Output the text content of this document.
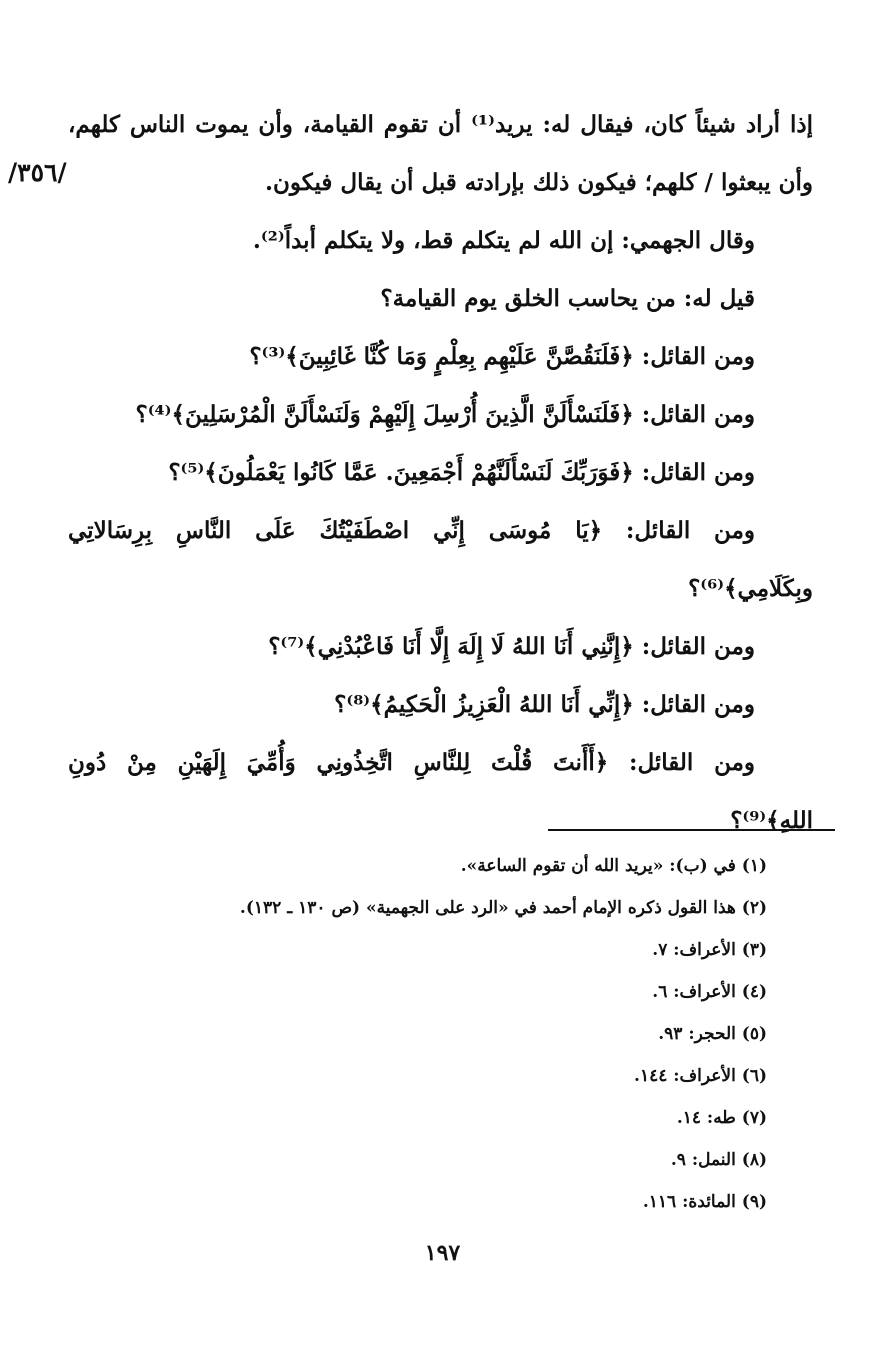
/٣٥٦/
إذا أراد شيئاً كان، فيقال له: يريد⁽¹⁾ أن تقوم القيامة، وأن يموت الناس كلهم،
وأن يبعثوا / كلهم؛ فيكون ذلك بإرادته قبل أن يقال فيكون.
وقال الجهمي: إن الله لم يتكلم قط، ولا يتكلم أبداً⁽²⁾.
قيل له: من يحاسب الخلق يوم القيامة؟
ومن القائل: ﴿فَلَنَقُصَّنَّ عَلَيْهِم بِعِلْمٍ وَمَا كُنَّا غَائِبِينَ﴾⁽³⁾؟
ومن القائل: ﴿فَلَنَسْأَلَنَّ الَّذِينَ أُرْسِلَ إِلَيْهِمْ وَلَنَسْأَلَنَّ الْمُرْسَلِينَ﴾⁽⁴⁾؟
ومن القائل: ﴿فَوَرَبِّكَ لَنَسْأَلَنَّهُمْ أَجْمَعِينَ. عَمَّا كَانُوا يَعْمَلُونَ﴾⁽⁵⁾؟
ومن القائل: ﴿يَا مُوسَى إِنِّي اصْطَفَيْتُكَ عَلَى النَّاسِ بِرِسَالاتِي
وبِكَلَامِي﴾⁽⁶⁾؟
ومن القائل: ﴿إِنَّنِي أَنَا اللهُ لَا إِلَهَ إِلَّا أَنَا فَاعْبُدْنِي﴾⁽⁷⁾؟
ومن القائل: ﴿إِنِّي أَنَا اللهُ الْعَزِيزُ الْحَكِيمُ﴾⁽⁸⁾؟
ومن القائل: ﴿أَأَنتَ قُلْتَ لِلنَّاسِ اتَّخِذُونِي وَأُمِّيَ إِلَهَيْنِ مِنْ دُونِ
اللهِ﴾⁽⁹⁾؟
(١) في (ب): «يريد الله أن تقوم الساعة».
(٢) هذا القول ذكره الإمام أحمد في «الرد على الجهمية» (ص ١٣٠ ـ ١٣٢).
(٣) الأعراف: ٧.
(٤) الأعراف: ٦.
(٥) الحجر: ٩٣.
(٦) الأعراف: ١٤٤.
(٧) طه: ١٤.
(٨) النمل: ٩.
(٩) المائدة: ١١٦.
١٩٧
